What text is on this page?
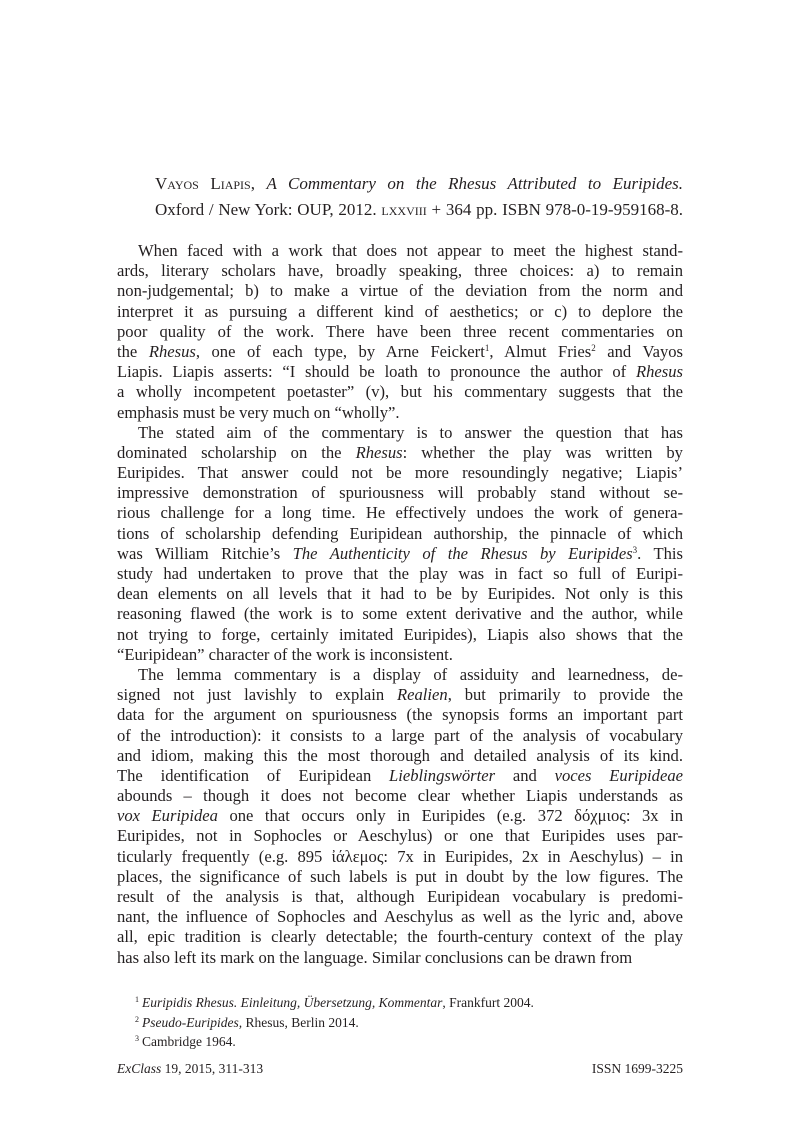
Vayos Liapis, A Commentary on the Rhesus Attributed to Euripides.
Oxford / New York: OUP, 2012. lxxviii + 364 pp. ISBN 978-0-19-959168-8.
When faced with a work that does not appear to meet the highest stand-
ards, literary scholars have, broadly speaking, three choices: a) to remain
non-judgemental; b) to make a virtue of the deviation from the norm and
interpret it as pursuing a different kind of aesthetics; or c) to deplore the
poor quality of the work. There have been three recent commentaries on
the Rhesus, one of each type, by Arne Feickert$^1$, Almut Fries$^2$ and Vayos
Liapis. Liapis asserts: “I should be loath to pronounce the author of Rhesus
a wholly incompetent poetaster” (v), but his commentary suggests that the
emphasis must be very much on “wholly”.
The stated aim of the commentary is to answer the question that has
dominated scholarship on the Rhesus: whether the play was written by
Euripides. That answer could not be more resoundingly negative; Liapis’
impressive demonstration of spuriousness will probably stand without se-
rious challenge for a long time. He effectively undoes the work of genera-
tions of scholarship defending Euripidean authorship, the pinnacle of which
was William Ritchie’s The Authenticity of the Rhesus by Euripides$^3$. This
study had undertaken to prove that the play was in fact so full of Euripi-
dean elements on all levels that it had to be by Euripides. Not only is this
reasoning flawed (the work is to some extent derivative and the author, while
not trying to forge, certainly imitated Euripides), Liapis also shows that the
“Euripidean” character of the work is inconsistent.
The lemma commentary is a display of assiduity and learnedness, de-
signed not just lavishly to explain Realien, but primarily to provide the
data for the argument on spuriousness (the synopsis forms an important part
of the introduction): it consists to a large part of the analysis of vocabulary
and idiom, making this the most thorough and detailed analysis of its kind.
The identification of Euripidean Lieblingswörter and voces Euripideae
abounds – though it does not become clear whether Liapis understands as
vox Euripidea one that occurs only in Euripides (e.g. 372 δόχμιος: 3x in
Euripides, not in Sophocles or Aeschylus) or one that Euripides uses par-
ticularly frequently (e.g. 895 ἰάλεμος: 7x in Euripides, 2x in Aeschylus) – in
places, the significance of such labels is put in doubt by the low figures. The
result of the analysis is that, although Euripidean vocabulary is predomi-
nant, the influence of Sophocles and Aeschylus as well as the lyric and, above
all, epic tradition is clearly detectable; the fourth-century context of the play
has also left its mark on the language. Similar conclusions can be drawn from
$^1$ Euripidis Rhesus. Einleitung, Übersetzung, Kommentar, Frankfurt 2004.
$^2$ Pseudo-Euripides, Rhesus, Berlin 2014.
$^3$ Cambridge 1964.
ExClass 19, 2015, 311-313	ISSN 1699-3225
